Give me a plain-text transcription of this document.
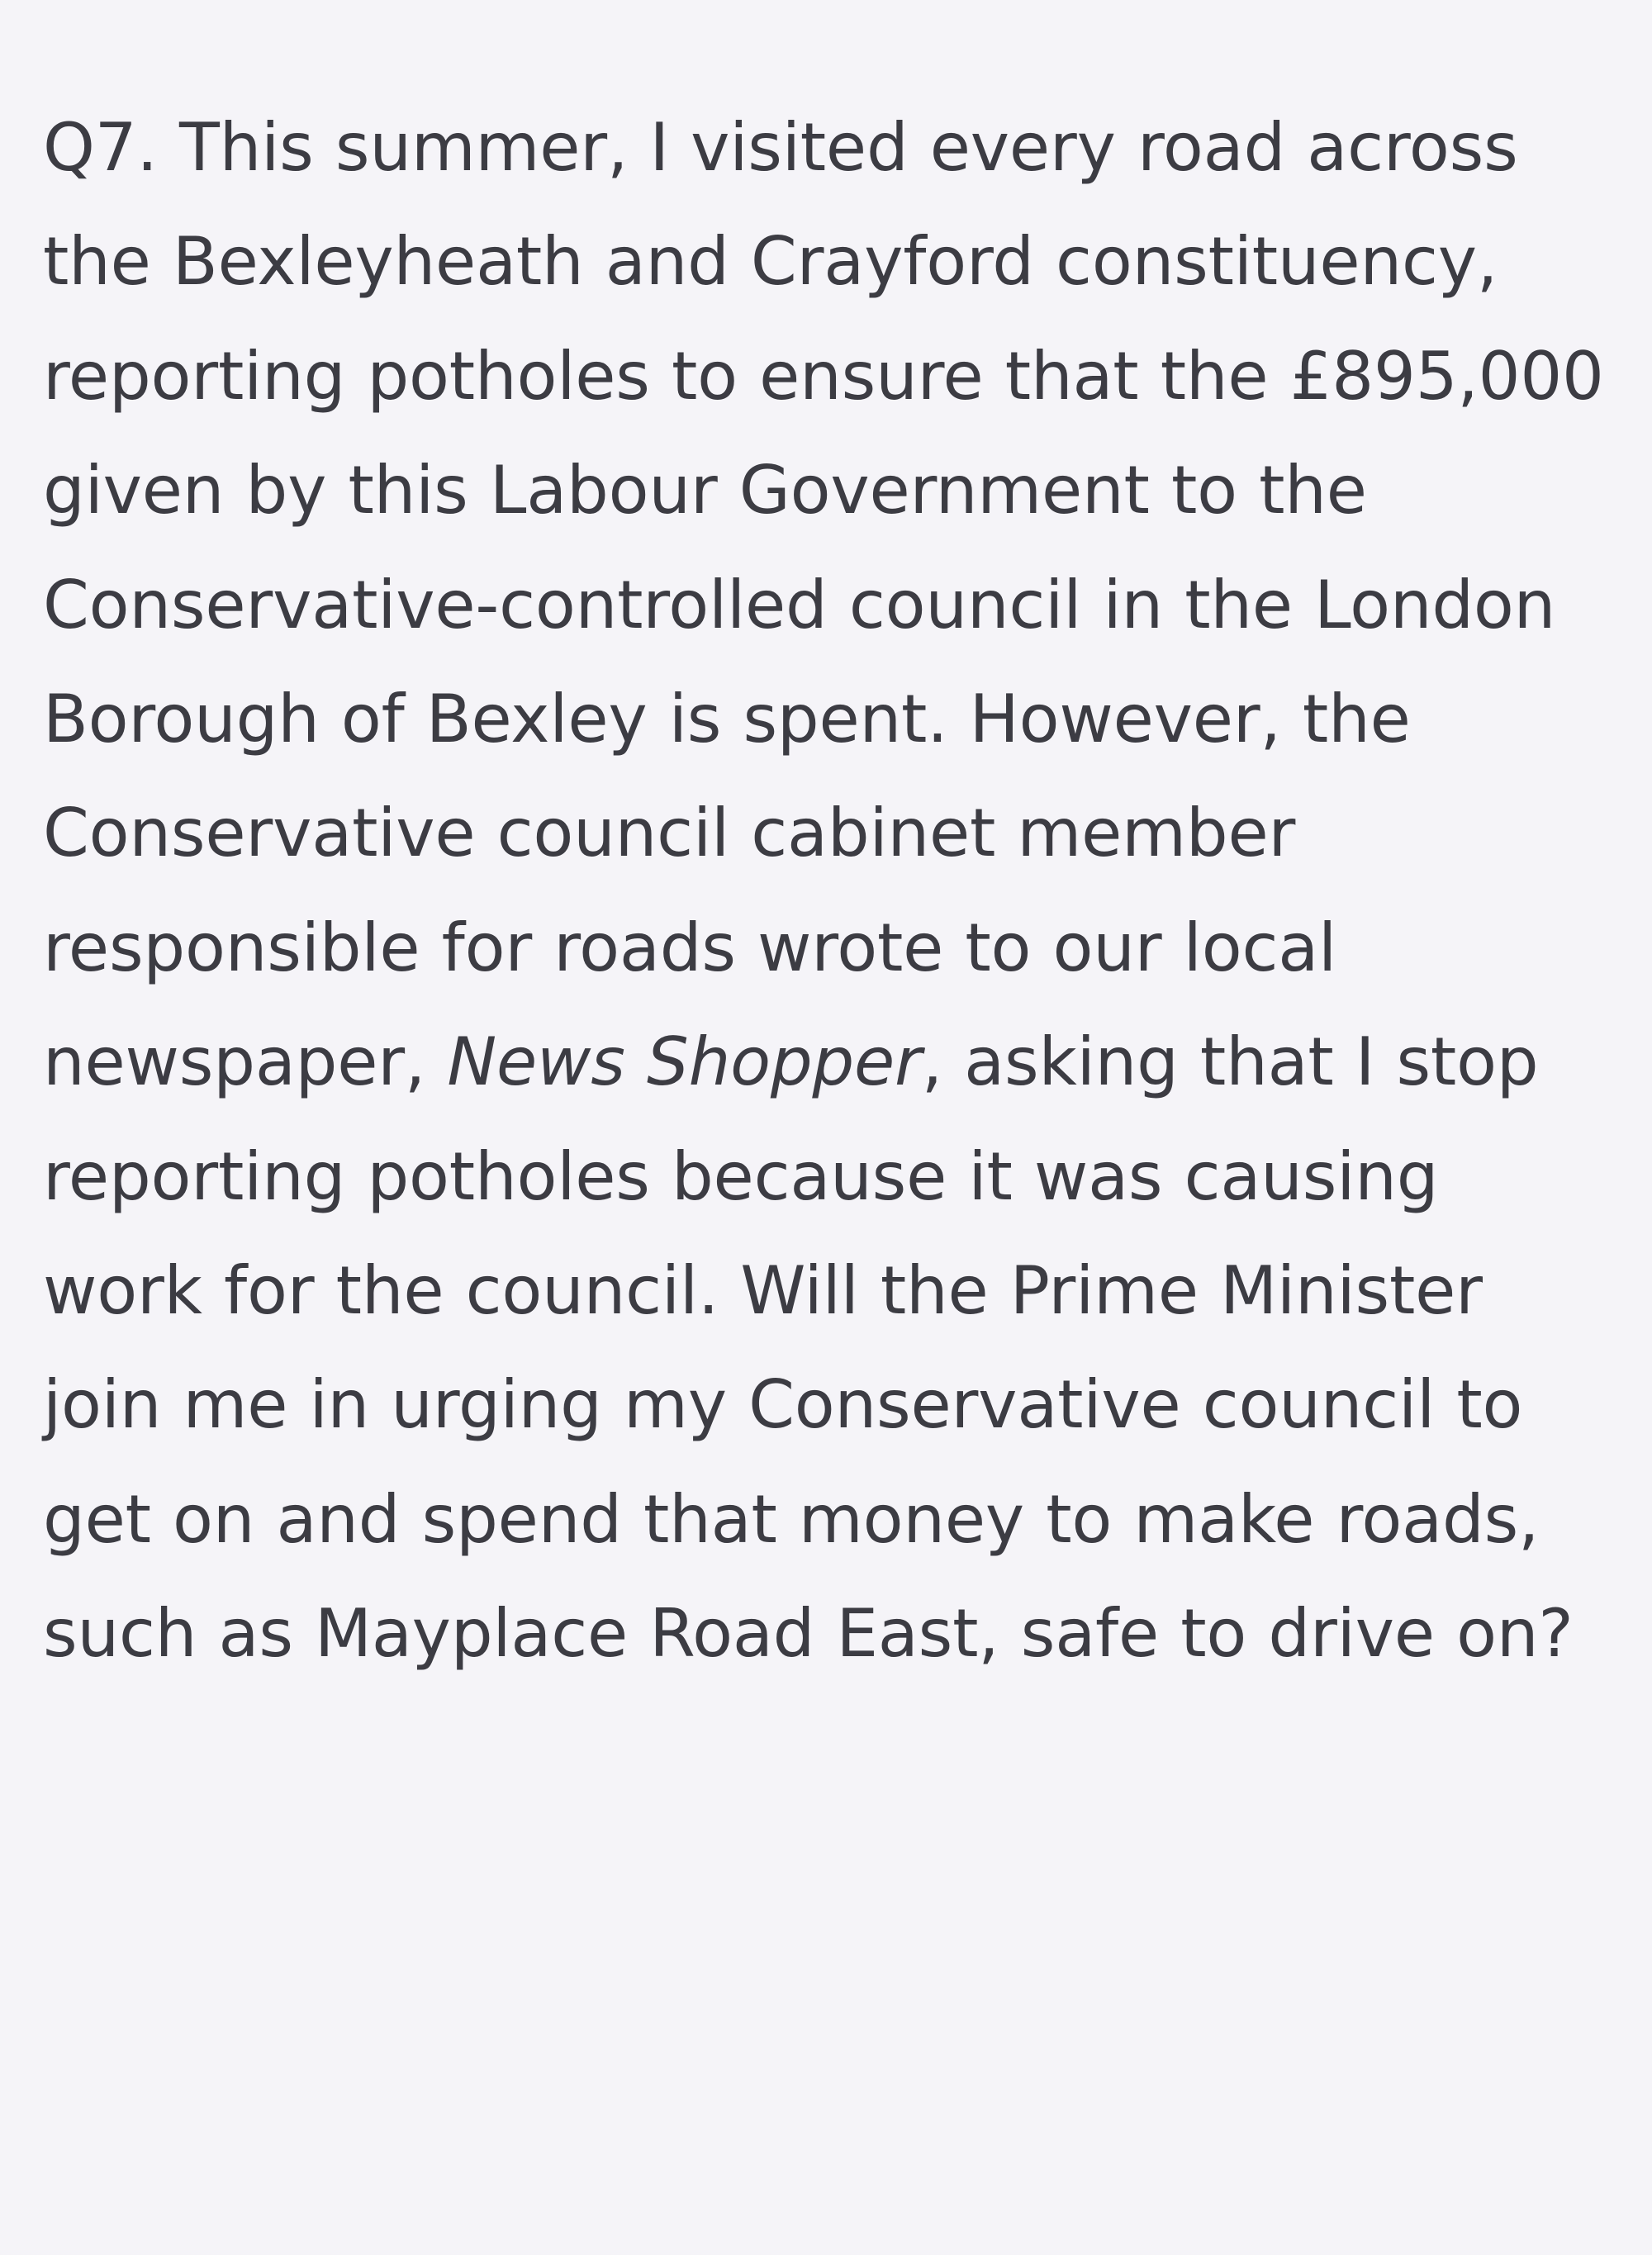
Q7. This summer, I visited every road across the Bexleyheath and Crayford constituency, reporting potholes to ensure that the £895,000 given by this Labour Government to the Conservative-controlled council in the London Borough of Bexley is spent. However, the Conservative council cabinet member responsible for roads wrote to our local newspaper, News Shopper, asking that I stop reporting potholes because it was causing work for the council. Will the Prime Minister join me in urging my Conservative council to get on and spend that money to make roads, such as Mayplace Road East, safe to drive on?
